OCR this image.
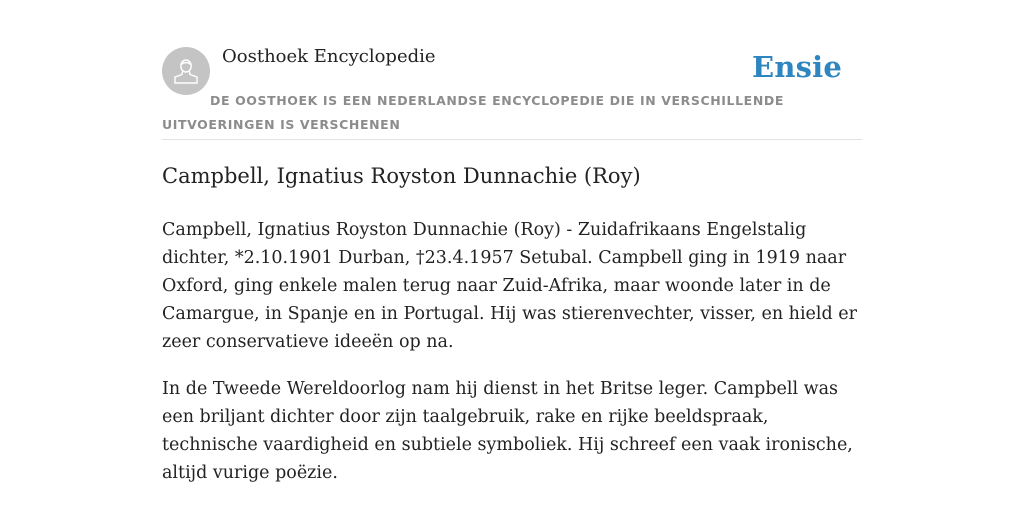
Oosthoek Encyclopedie	Ensie
DE OOSTHOEK IS EEN NEDERLANDSE ENCYCLOPEDIE DIE IN VERSCHILLENDE UITVOERINGEN IS VERSCHENEN
Campbell, Ignatius Royston Dunnachie (Roy)

Campbell, Ignatius Royston Dunnachie (Roy) - Zuidafrikaans Engelstalig dichter, *2.10.1901 Durban, †23.4.1957 Setubal. Campbell ging in 1919 naar Oxford, ging enkele malen terug naar Zuid-Afrika, maar woonde later in de Camargue, in Spanje en in Portugal. Hij was stierenvechter, visser, en hield er zeer conservatieve ideeën op na.

In de Tweede Wereldoorlog nam hij dienst in het Britse leger. Campbell was een briljant dichter door zijn taalgebruik, rake en rijke beeldspraak, technische vaardigheid en subtiele symboliek. Hij schreef een vaak ironische, altijd vurige poëzie.
